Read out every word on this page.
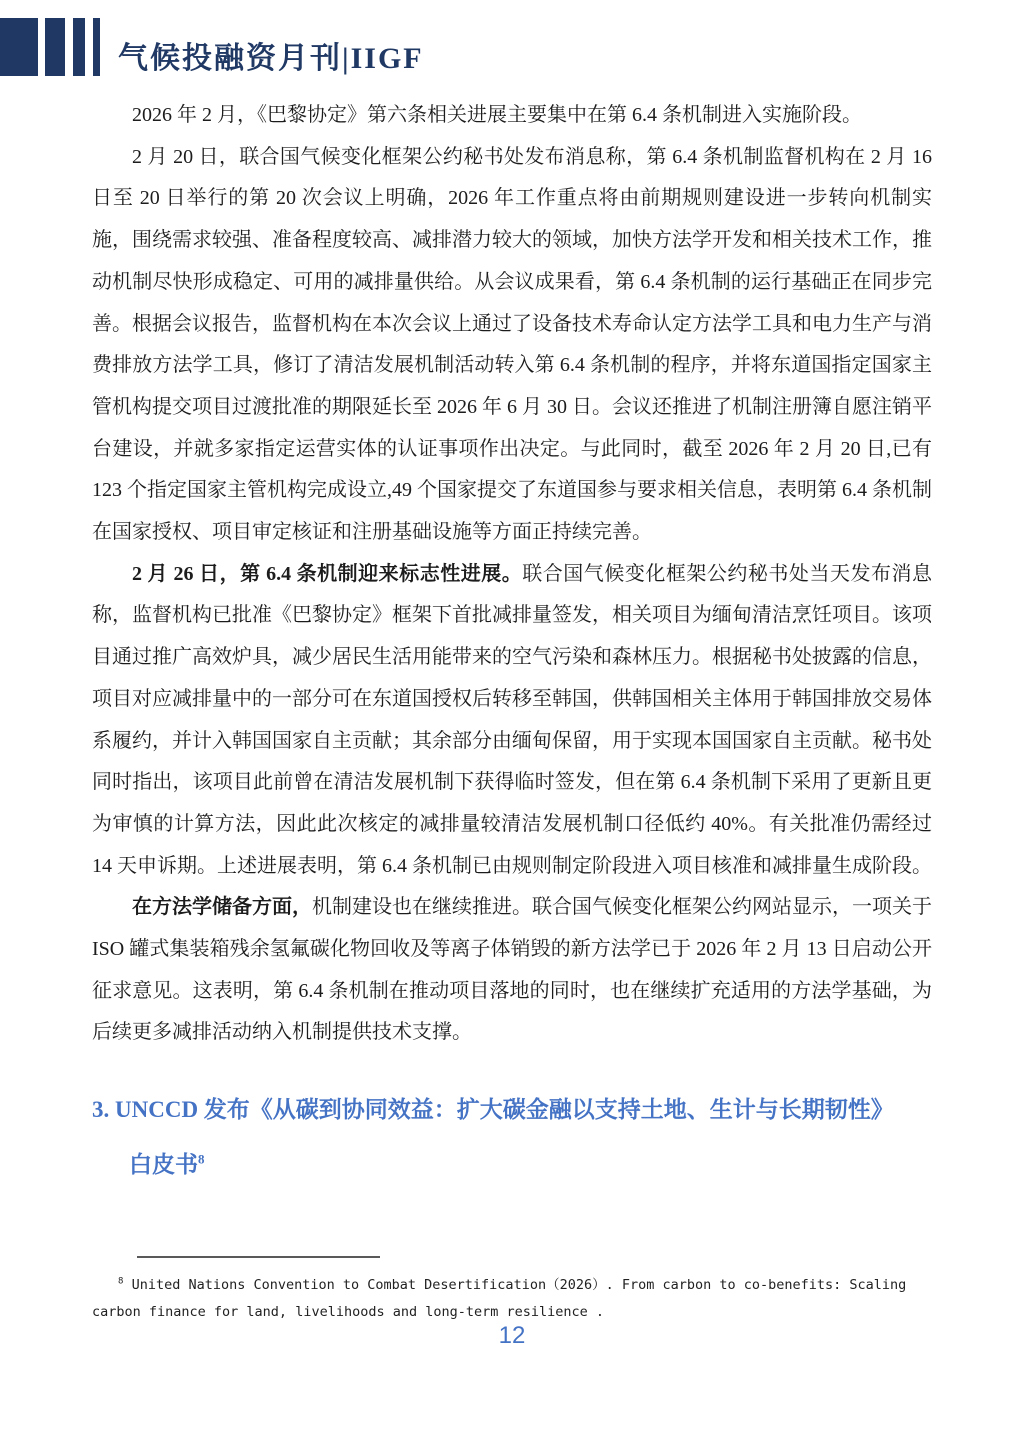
气候投融资月刊|IIGF

2026 年 2 月，《巴黎协定》第六条相关进展主要集中在第 6.4 条机制进入实施阶段。

2 月 20 日，联合国气候变化框架公约秘书处发布消息称，第 6.4 条机制监督机构在 2 月 16 日至 20 日举行的第 20 次会议上明确，2026 年工作重点将由前期规则建设进一步转向机制实施，围绕需求较强、准备程度较高、减排潜力较大的领域，加快方法学开发和相关技术工作，推动机制尽快形成稳定、可用的减排量供给。从会议成果看，第 6.4 条机制的运行基础正在同步完善。根据会议报告，监督机构在本次会议上通过了设备技术寿命认定方法学工具和电力生产与消费排放方法学工具，修订了清洁发展机制活动转入第 6.4 条机制的程序，并将东道国指定国家主管机构提交项目过渡批准的期限延长至 2026 年 6 月 30 日。会议还推进了机制注册簿自愿注销平台建设，并就多家指定运营实体的认证事项作出决定。与此同时，截至 2026 年 2 月 20 日,已有 123 个指定国家主管机构完成设立,49 个国家提交了东道国参与要求相关信息，表明第 6.4 条机制在国家授权、项目审定核证和注册基础设施等方面正持续完善。

2 月 26 日，第 6.4 条机制迎来标志性进展。联合国气候变化框架公约秘书处当天发布消息称，监督机构已批准《巴黎协定》框架下首批减排量签发，相关项目为缅甸清洁烹饪项目。该项目通过推广高效炉具，减少居民生活用能带来的空气污染和森林压力。根据秘书处披露的信息，项目对应减排量中的一部分可在东道国授权后转移至韩国，供韩国相关主体用于韩国排放交易体系履约，并计入韩国国家自主贡献；其余部分由缅甸保留，用于实现本国国家自主贡献。秘书处同时指出，该项目此前曾在清洁发展机制下获得临时签发，但在第 6.4 条机制下采用了更新且更为审慎的计算方法，因此此次核定的减排量较清洁发展机制口径低约 40%。有关批准仍需经过 14 天申诉期。上述进展表明，第 6.4 条机制已由规则制定阶段进入项目核准和减排量生成阶段。

在方法学储备方面，机制建设也在继续推进。联合国气候变化框架公约网站显示，一项关于 ISO 罐式集装箱残余氢氟碳化物回收及等离子体销毁的新方法学已于 2026 年 2 月 13 日启动公开征求意见。这表明，第 6.4 条机制在推动项目落地的同时，也在继续扩充适用的方法学基础，为后续更多减排活动纳入机制提供技术支撑。

3. UNCCD 发布《从碳到协同效益：扩大碳金融以支持土地、生计与长期韧性》
白皮书$^8$
$^8$ United Nations Convention to Combat Desertification（2026）. From carbon to co-benefits: Scaling
carbon finance for land, livelihoods and long-term resilience .
12
